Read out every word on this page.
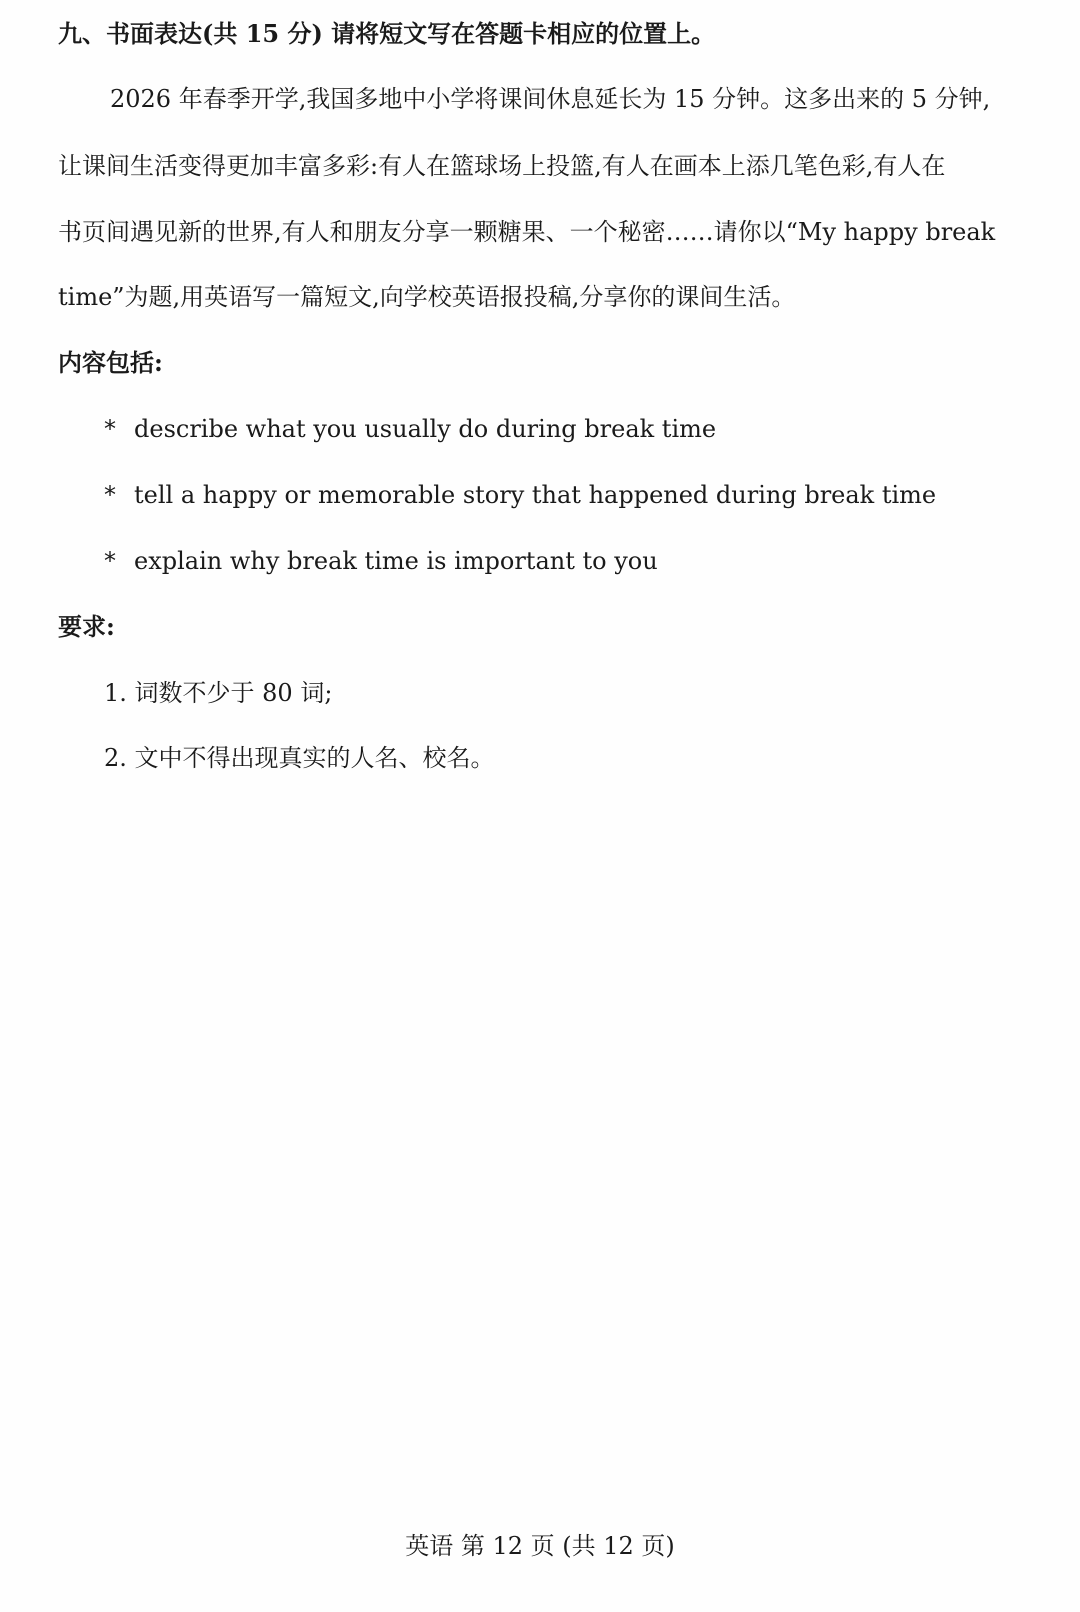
九、书面表达(共 15 分) 请将短文写在答题卡相应的位置上。
2026 年春季开学,我国多地中小学将课间休息延长为 15 分钟。这多出来的 5 分钟,
让课间生活变得更加丰富多彩:有人在篮球场上投篮,有人在画本上添几笔色彩,有人在
书页间遇见新的世界,有人和朋友分享一颗糖果、一个秘密……请你以“My happy break
time”为题,用英语写一篇短文,向学校英语报投稿,分享你的课间生活。
内容包括:
* describe what you usually do during break time
* tell a happy or memorable story that happened during break time
* explain why break time is important to you
要求:
1. 词数不少于 80 词;
2. 文中不得出现真实的人名、校名。
英语 第 12 页 (共 12 页)
